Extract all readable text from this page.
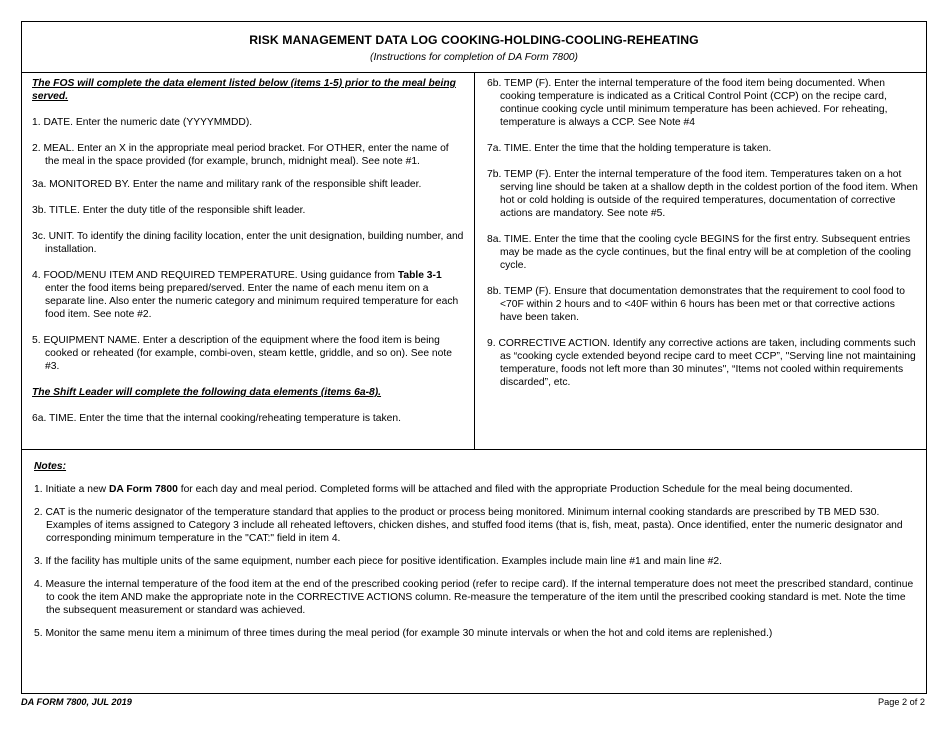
RISK MANAGEMENT DATA LOG COOKING-HOLDING-COOLING-REHEATING
(Instructions for completion of DA Form 7800)

The FOS will complete the data element listed below (items 1-5) prior to the meal being served.

1. DATE. Enter the numeric date (YYYYMMDD).

2. MEAL. Enter an X in the appropriate meal period bracket. For OTHER, enter the name of the meal in the space provided (for example, brunch, midnight meal). See note #1.

3a. MONITORED BY. Enter the name and military rank of the responsible shift leader.

3b. TITLE. Enter the duty title of the responsible shift leader.

3c. UNIT. To identify the dining facility location, enter the unit designation, building number, and installation.

4. FOOD/MENU ITEM AND REQUIRED TEMPERATURE. Using guidance from Table 3-1 enter the food items being prepared/served. Enter the name of each menu item on a separate line. Also enter the numeric category and minimum required temperature for each food item. See note #2.

5. EQUIPMENT NAME. Enter a description of the equipment where the food item is being cooked or reheated (for example, combi-oven, steam kettle, griddle, and so on). See note #3.

The Shift Leader will complete the following data elements (items 6a-8).

6a. TIME. Enter the time that the internal cooking/reheating temperature is taken.

6b. TEMP (F). Enter the internal temperature of the food item being documented. When cooking temperature is indicated as a Critical Control Point (CCP) on the recipe card, continue cooking cycle until minimum temperature has been achieved. For reheating, temperature is always a CCP. See Note #4

7a. TIME. Enter the time that the holding temperature is taken.

7b. TEMP (F). Enter the internal temperature of the food item. Temperatures taken on a hot serving line should be taken at a shallow depth in the coldest portion of the food item. When hot or cold holding is outside of the required temperatures, documentation of corrective actions are mandatory. See note #5.

8a. TIME. Enter the time that the cooling cycle BEGINS for the first entry. Subsequent entries may be made as the cycle continues, but the final entry will be at completion of the cooling cycle.

8b. TEMP (F). Ensure that documentation demonstrates that the requirement to cool food to <70F within 2 hours and to <40F within 6 hours has been met or that corrective actions have been taken.

9. CORRECTIVE ACTION. Identify any corrective actions are taken, including comments such as “cooking cycle extended beyond recipe card to meet CCP”, "Serving line not maintaining temperature, foods not left more than 30 minutes", “Items not cooled within requirements discarded”, etc.

Notes:

1. Initiate a new DA Form 7800 for each day and meal period. Completed forms will be attached and filed with the appropriate Production Schedule for the meal being documented.

2. CAT is the numeric designator of the temperature standard that applies to the product or process being monitored. Minimum internal cooking standards are prescribed by TB MED 530. Examples of items assigned to Category 3 include all reheated leftovers, chicken dishes, and stuffed food items (that is, fish, meat, pasta). Once identified, enter the numeric designator and corresponding minimum temperature in the "CAT:" field in item 4.

3. If the facility has multiple units of the same equipment, number each piece for positive identification. Examples include main line #1 and main line #2.

4. Measure the internal temperature of the food item at the end of the prescribed cooking period (refer to recipe card). If the internal temperature does not meet the prescribed standard, continue to cook the item AND make the appropriate note in the CORRECTIVE ACTIONS column. Re-measure the temperature of the item until the prescribed cooking standard is met. Note the time the subsequent measurement or standard was achieved.

5. Monitor the same menu item a minimum of three times during the meal period (for example 30 minute intervals or when the hot and cold items are replenished.)

DA FORM 7800, JUL 2019	Page 2 of 2
